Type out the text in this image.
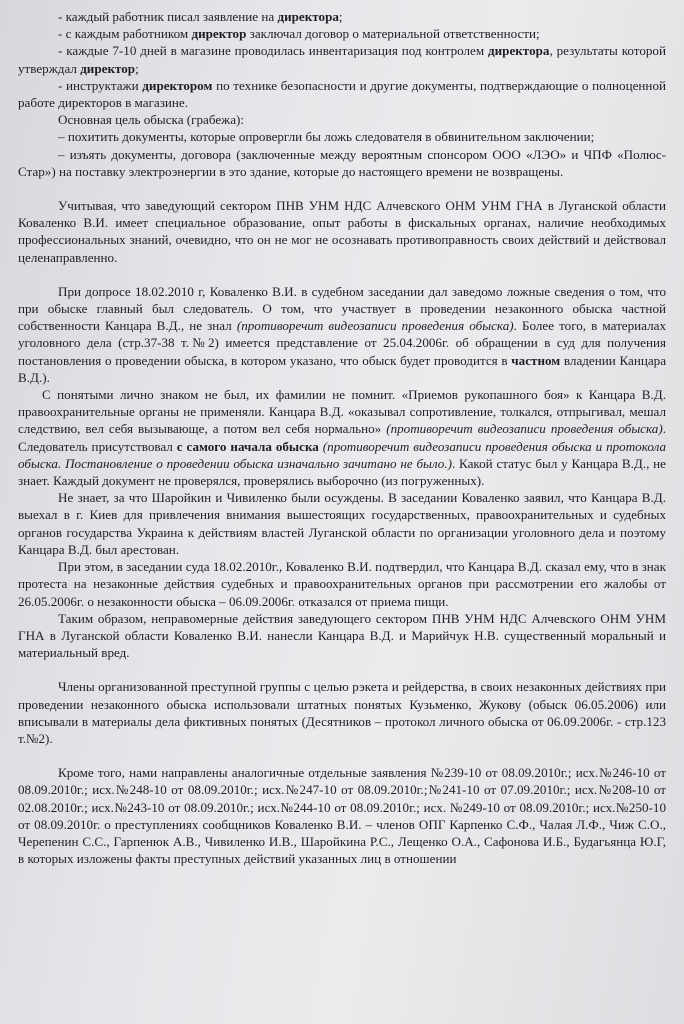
- каждый работник писал заявление на директора;

- с каждым работником директор заключал договор о материальной ответственности;

- каждые 7-10 дней в магазине проводилась инвентаризация под контролем директора, результаты которой утверждал директор;

- инструктажи директором по технике безопасности и другие документы, подтверждающие о полноценной работе директоров в магазине.

Основная цель обыска (грабежа):

– похитить документы, которые опровергли бы ложь следователя в обвинительном заключении;

– изъять документы, договора (заключенные между вероятным спонсором ООО «ЛЭО» и ЧПФ «Полюс-Стар») на поставку электроэнергии в это здание, которые до настоящего времени не возвращены.

Учитывая, что заведующий сектором ПНВ УНМ НДС Алчевского ОНМ УНМ ГНА в Луганской области Коваленко В.И. имеет специальное образование, опыт работы в фискальных органах, наличие необходимых профессиональных знаний, очевидно, что он не мог не осознавать противоправность своих действий и действовал целенаправленно.

При допросе 18.02.2010 г, Коваленко В.И. в судебном заседании дал заведомо ложные сведения о том, что при обыске главный был следователь. О том, что участвует в проведении незаконного обыска частной собственности Канцара В.Д., не знал (противоречит видеозаписи проведения обыска). Более того, в материалах уголовного дела (стр.37-38 т.№2) имеется представление от 25.04.2006г. об обращении в суд для получения постановления о проведении обыска, в котором указано, что обыск будет проводится в частном владении Канцара В.Д.).

С понятыми лично знаком не был, их фамилии не помнит. «Приемов рукопашного боя» к Канцара В.Д. правоохранительные органы не применяли. Канцара В.Д. «оказывал сопротивление, толкался, отпрыгивал, мешал следствию, вел себя вызывающе, а потом вел себя нормально» (противоречит видеозаписи проведения обыска). Следователь присутствовал с самого начала обыска (противоречит видеозаписи проведения обыска и протокола обыска. Постановление о проведении обыска изначально зачитано не было.). Какой статус был у Канцара В.Д., не знает. Каждый документ не проверялся, проверялись выборочно (из погруженных).

Не знает, за что Шаройкин и Чивиленко были осуждены. В заседании Коваленко заявил, что Канцара В.Д. выехал в г. Киев для привлечения внимания вышестоящих государственных, правоохранительных и судебных органов государства Украина к действиям властей Луганской области по организации уголовного дела и поэтому Канцара В.Д. был арестован.

При этом, в заседании суда 18.02.2010г., Коваленко В.И. подтвердил, что Канцара В.Д. сказал ему, что в знак протеста на незаконные действия судебных и правоохранительных органов при рассмотрении его жалобы от 26.05.2006г. о незаконности обыска – 06.09.2006г. отказался от приема пищи.

Таким образом, неправомерные действия заведующего сектором ПНВ УНМ НДС Алчевского ОНМ УНМ ГНА в Луганской области Коваленко В.И. нанесли Канцара В.Д. и Марийчук Н.В. существенный моральный и материальный вред.

Члены организованной преступной группы с целью рэкета и рейдерства, в своих незаконных действиях при проведении незаконного обыска использовали штатных понятых Кузьменко, Жукову (обыск 06.05.2006) или вписывали в материалы дела фиктивных понятых (Десятников – протокол личного обыска от 06.09.2006г. - стр.123 т.№2).

Кроме того, нами направлены аналогичные отдельные заявления №239-10 от 08.09.2010г.; исх.№246-10 от 08.09.2010г.; исх.№248-10 от 08.09.2010г.; исх.№247-10 от 08.09.2010г.;№241-10 от 07.09.2010г.; исх.№208-10 от 02.08.2010г.; исх.№243-10 от 08.09.2010г.; исх.№244-10 от 08.09.2010г.; исх. №249-10 от 08.09.2010г.; исх.№250-10 от 08.09.2010г. о преступлениях сообщников Коваленко В.И. – членов ОПГ Карпенко С.Ф., Чалая Л.Ф., Чиж С.О., Черепенин С.С., Гарпенюк А.В., Чивиленко И.В., Шаройкина Р.С., Лещенко О.А., Сафонова И.Б., Будагьянца Ю.Г, в которых изложены факты преступных действий указанных лиц в отношении
